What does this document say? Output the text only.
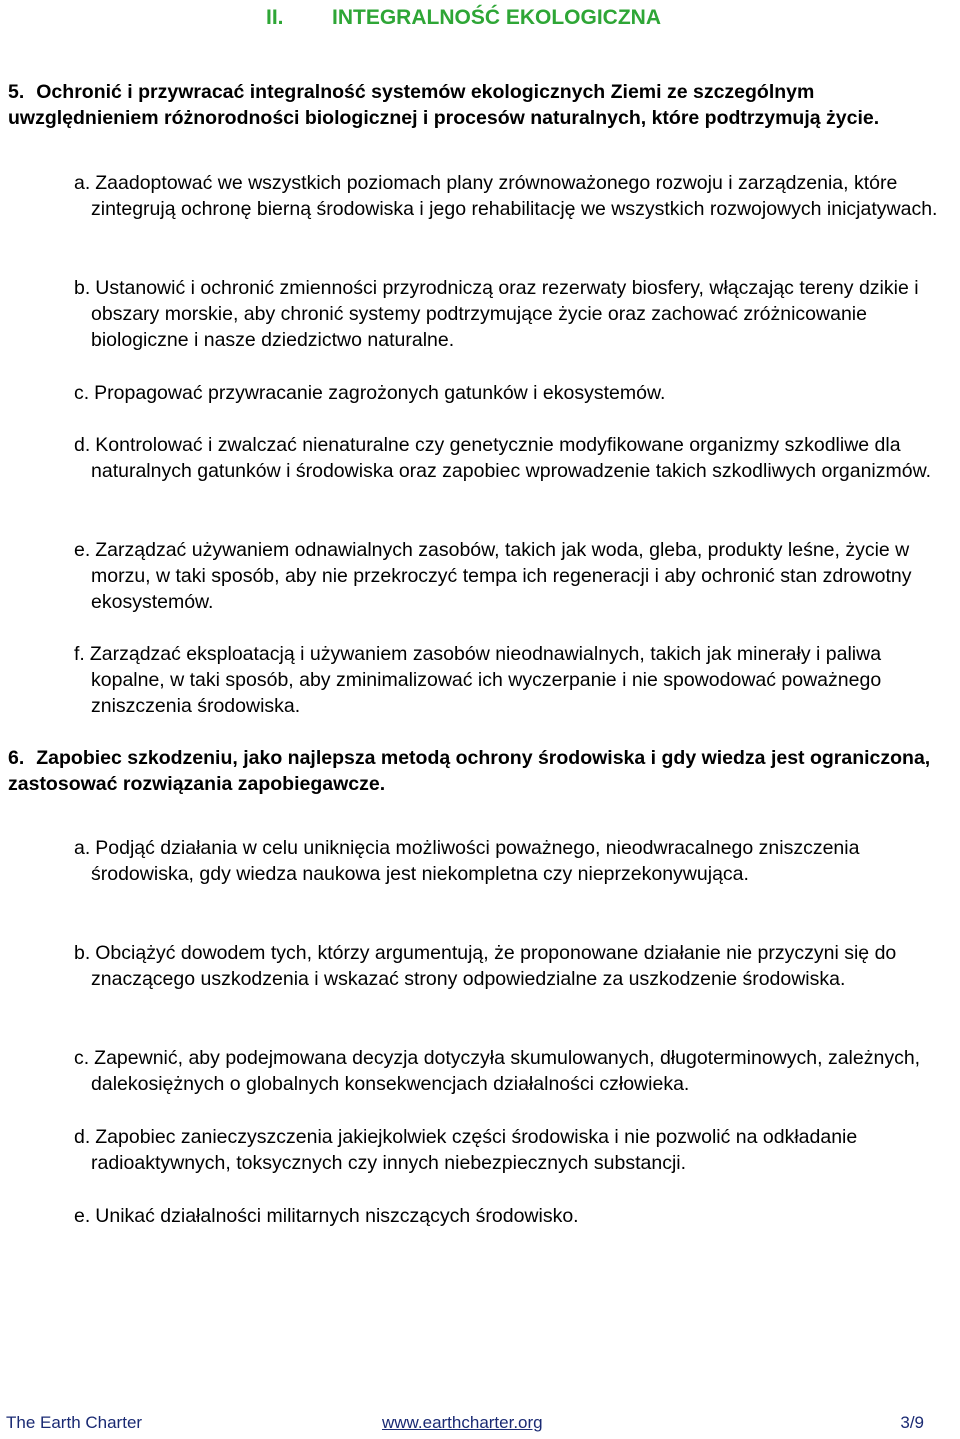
II. INTEGRALNOŚĆ EKOLOGICZNA
5. Ochronić i przywracać integralność systemów ekologicznych Ziemi ze szczególnym uwzględnieniem różnorodności biologicznej i procesów naturalnych, które podtrzymują życie.
a. Zaadoptować we wszystkich poziomach plany zrównoważonego rozwoju i zarządzenia, które zintegrują ochronę bierną środowiska i jego rehabilitację we wszystkich rozwojowych inicjatywach.
b. Ustanowić i ochronić zmienności przyrodniczą oraz rezerwaty biosfery, włączając tereny dzikie i obszary morskie, aby chronić systemy podtrzymujące życie oraz zachować zróżnicowanie biologiczne i nasze dziedzictwo naturalne.
c. Propagować przywracanie zagrożonych gatunków i ekosystemów.
d. Kontrolować i zwalczać nienaturalne czy genetycznie modyfikowane organizmy szkodliwe dla naturalnych gatunków i środowiska oraz zapobiec wprowadzenie takich szkodliwych organizmów.
e. Zarządzać używaniem odnawialnych zasobów, takich jak woda, gleba, produkty leśne, życie w morzu, w taki sposób, aby nie przekroczyć tempa ich regeneracji i aby ochronić stan zdrowotny ekosystemów.
f. Zarządzać eksploatacją i używaniem zasobów nieodnawialnych, takich jak minerały i paliwa kopalne, w taki sposób, aby zminimalizować ich wyczerpanie i nie spowodować poważnego zniszczenia środowiska.
6. Zapobiec szkodzeniu, jako najlepsza metodą ochrony środowiska i gdy wiedza jest ograniczona, zastosować rozwiązania zapobiegawcze.
a. Podjąć działania w celu uniknięcia możliwości poważnego, nieodwracalnego zniszczenia środowiska, gdy wiedza naukowa jest niekompletna czy nieprzekonywująca.
b. Obciążyć dowodem tych, którzy argumentują, że proponowane działanie nie przyczyni się do znaczącego uszkodzenia i wskazać strony odpowiedzialne za uszkodzenie środowiska.
c. Zapewnić, aby podejmowana decyzja dotyczyła skumulowanych, długoterminowych, zależnych, dalekosiężnych o globalnych konsekwencjach działalności człowieka.
d. Zapobiec zanieczyszczenia jakiejkolwiek części środowiska i nie pozwolić na odkładanie radioaktywnych, toksycznych czy innych niebezpiecznych substancji.
e. Unikać działalności militarnych niszczących środowisko.
The Earth Charter	www.earthcharter.org	3/9
